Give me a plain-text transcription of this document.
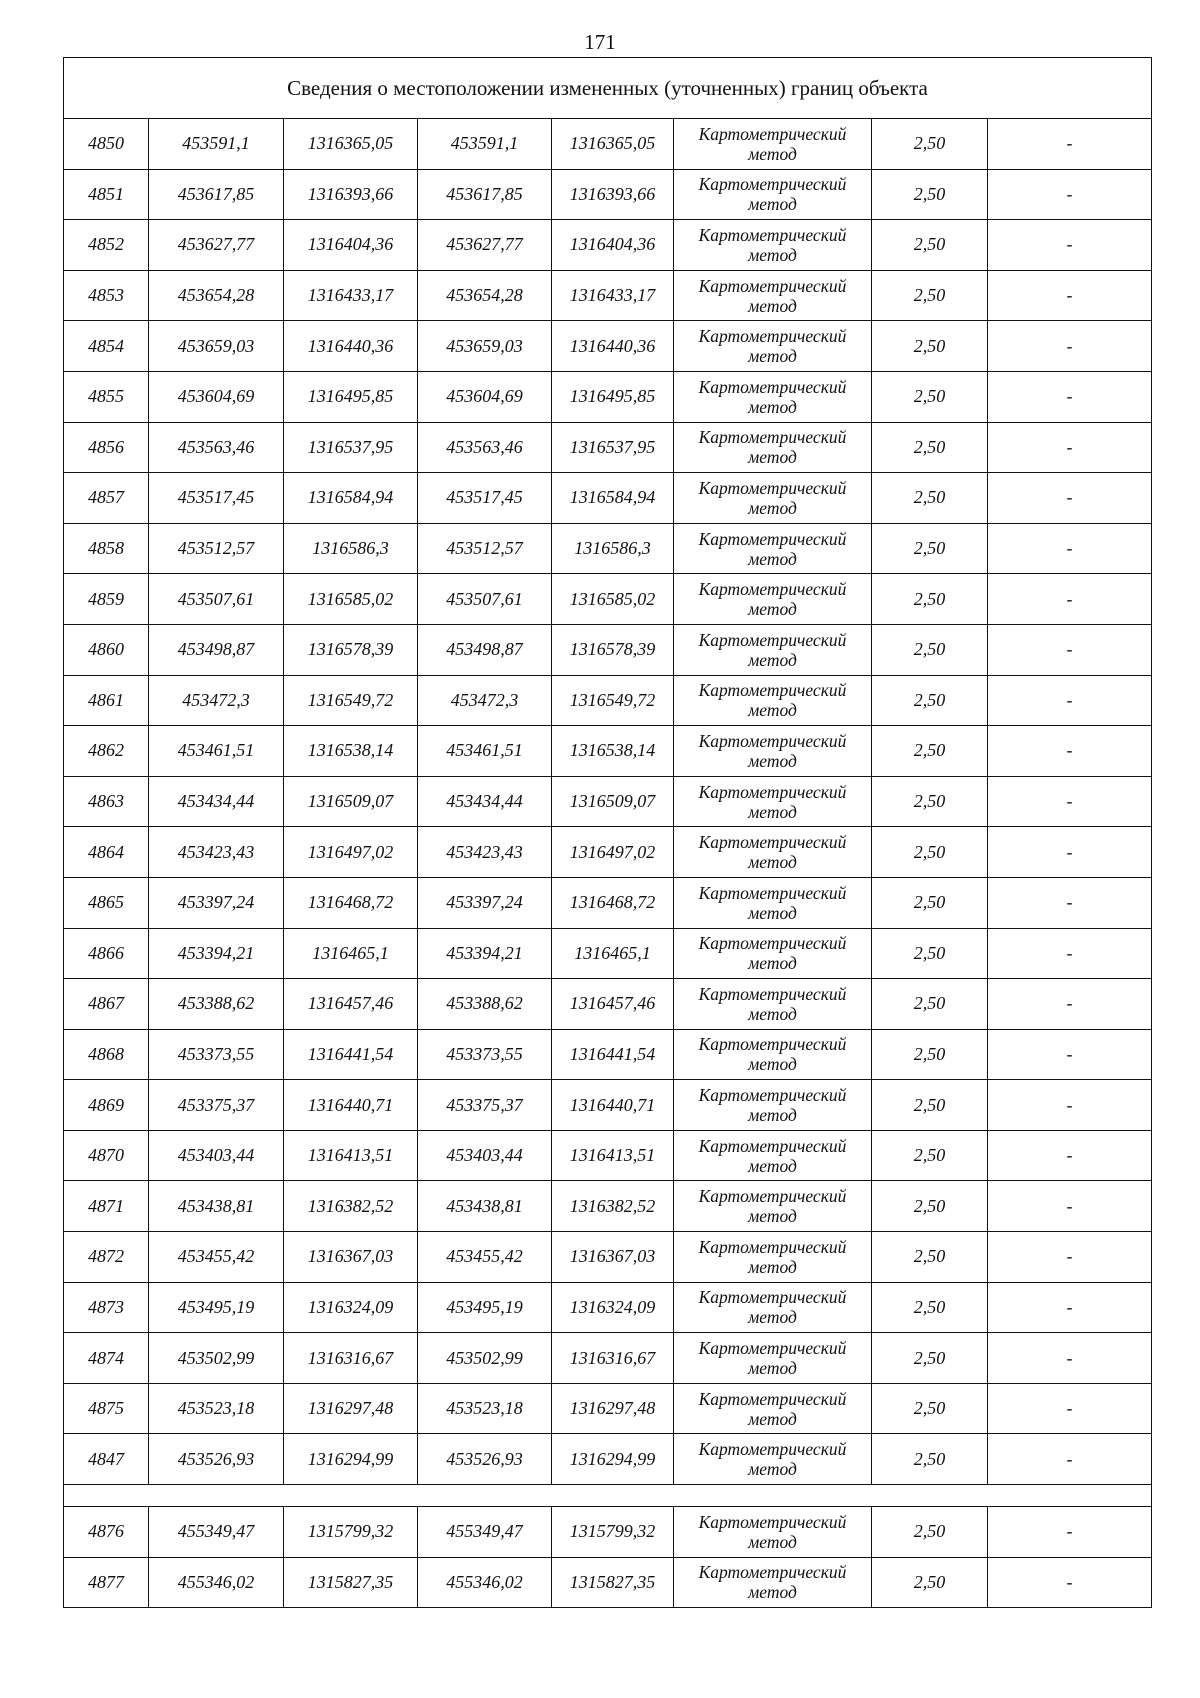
171
Сведения о местоположении измененных (уточненных) границ объекта							
4850	453591,1	1316365,05	453591,1	1316365,05	Картометрический метод	2,50	-
4851	453617,85	1316393,66	453617,85	1316393,66	Картометрический метод	2,50	-
4852	453627,77	1316404,36	453627,77	1316404,36	Картометрический метод	2,50	-
4853	453654,28	1316433,17	453654,28	1316433,17	Картометрический метод	2,50	-
4854	453659,03	1316440,36	453659,03	1316440,36	Картометрический метод	2,50	-
4855	453604,69	1316495,85	453604,69	1316495,85	Картометрический метод	2,50	-
4856	453563,46	1316537,95	453563,46	1316537,95	Картометрический метод	2,50	-
4857	453517,45	1316584,94	453517,45	1316584,94	Картометрический метод	2,50	-
4858	453512,57	1316586,3	453512,57	1316586,3	Картометрический метод	2,50	-
4859	453507,61	1316585,02	453507,61	1316585,02	Картометрический метод	2,50	-
4860	453498,87	1316578,39	453498,87	1316578,39	Картометрический метод	2,50	-
4861	453472,3	1316549,72	453472,3	1316549,72	Картометрический метод	2,50	-
4862	453461,51	1316538,14	453461,51	1316538,14	Картометрический метод	2,50	-
4863	453434,44	1316509,07	453434,44	1316509,07	Картометрический метод	2,50	-
4864	453423,43	1316497,02	453423,43	1316497,02	Картометрический метод	2,50	-
4865	453397,24	1316468,72	453397,24	1316468,72	Картометрический метод	2,50	-
4866	453394,21	1316465,1	453394,21	1316465,1	Картометрический метод	2,50	-
4867	453388,62	1316457,46	453388,62	1316457,46	Картометрический метод	2,50	-
4868	453373,55	1316441,54	453373,55	1316441,54	Картометрический метод	2,50	-
4869	453375,37	1316440,71	453375,37	1316440,71	Картометрический метод	2,50	-
4870	453403,44	1316413,51	453403,44	1316413,51	Картометрический метод	2,50	-
4871	453438,81	1316382,52	453438,81	1316382,52	Картометрический метод	2,50	-
4872	453455,42	1316367,03	453455,42	1316367,03	Картометрический метод	2,50	-
4873	453495,19	1316324,09	453495,19	1316324,09	Картометрический метод	2,50	-
4874	453502,99	1316316,67	453502,99	1316316,67	Картометрический метод	2,50	-
4875	453523,18	1316297,48	453523,18	1316297,48	Картометрический метод	2,50	-
4847	453526,93	1316294,99	453526,93	1316294,99	Картометрический метод	2,50	-

4876	455349,47	1315799,32	455349,47	1315799,32	Картометрический метод	2,50	-
4877	455346,02	1315827,35	455346,02	1315827,35	Картометрический метод	2,50	-
